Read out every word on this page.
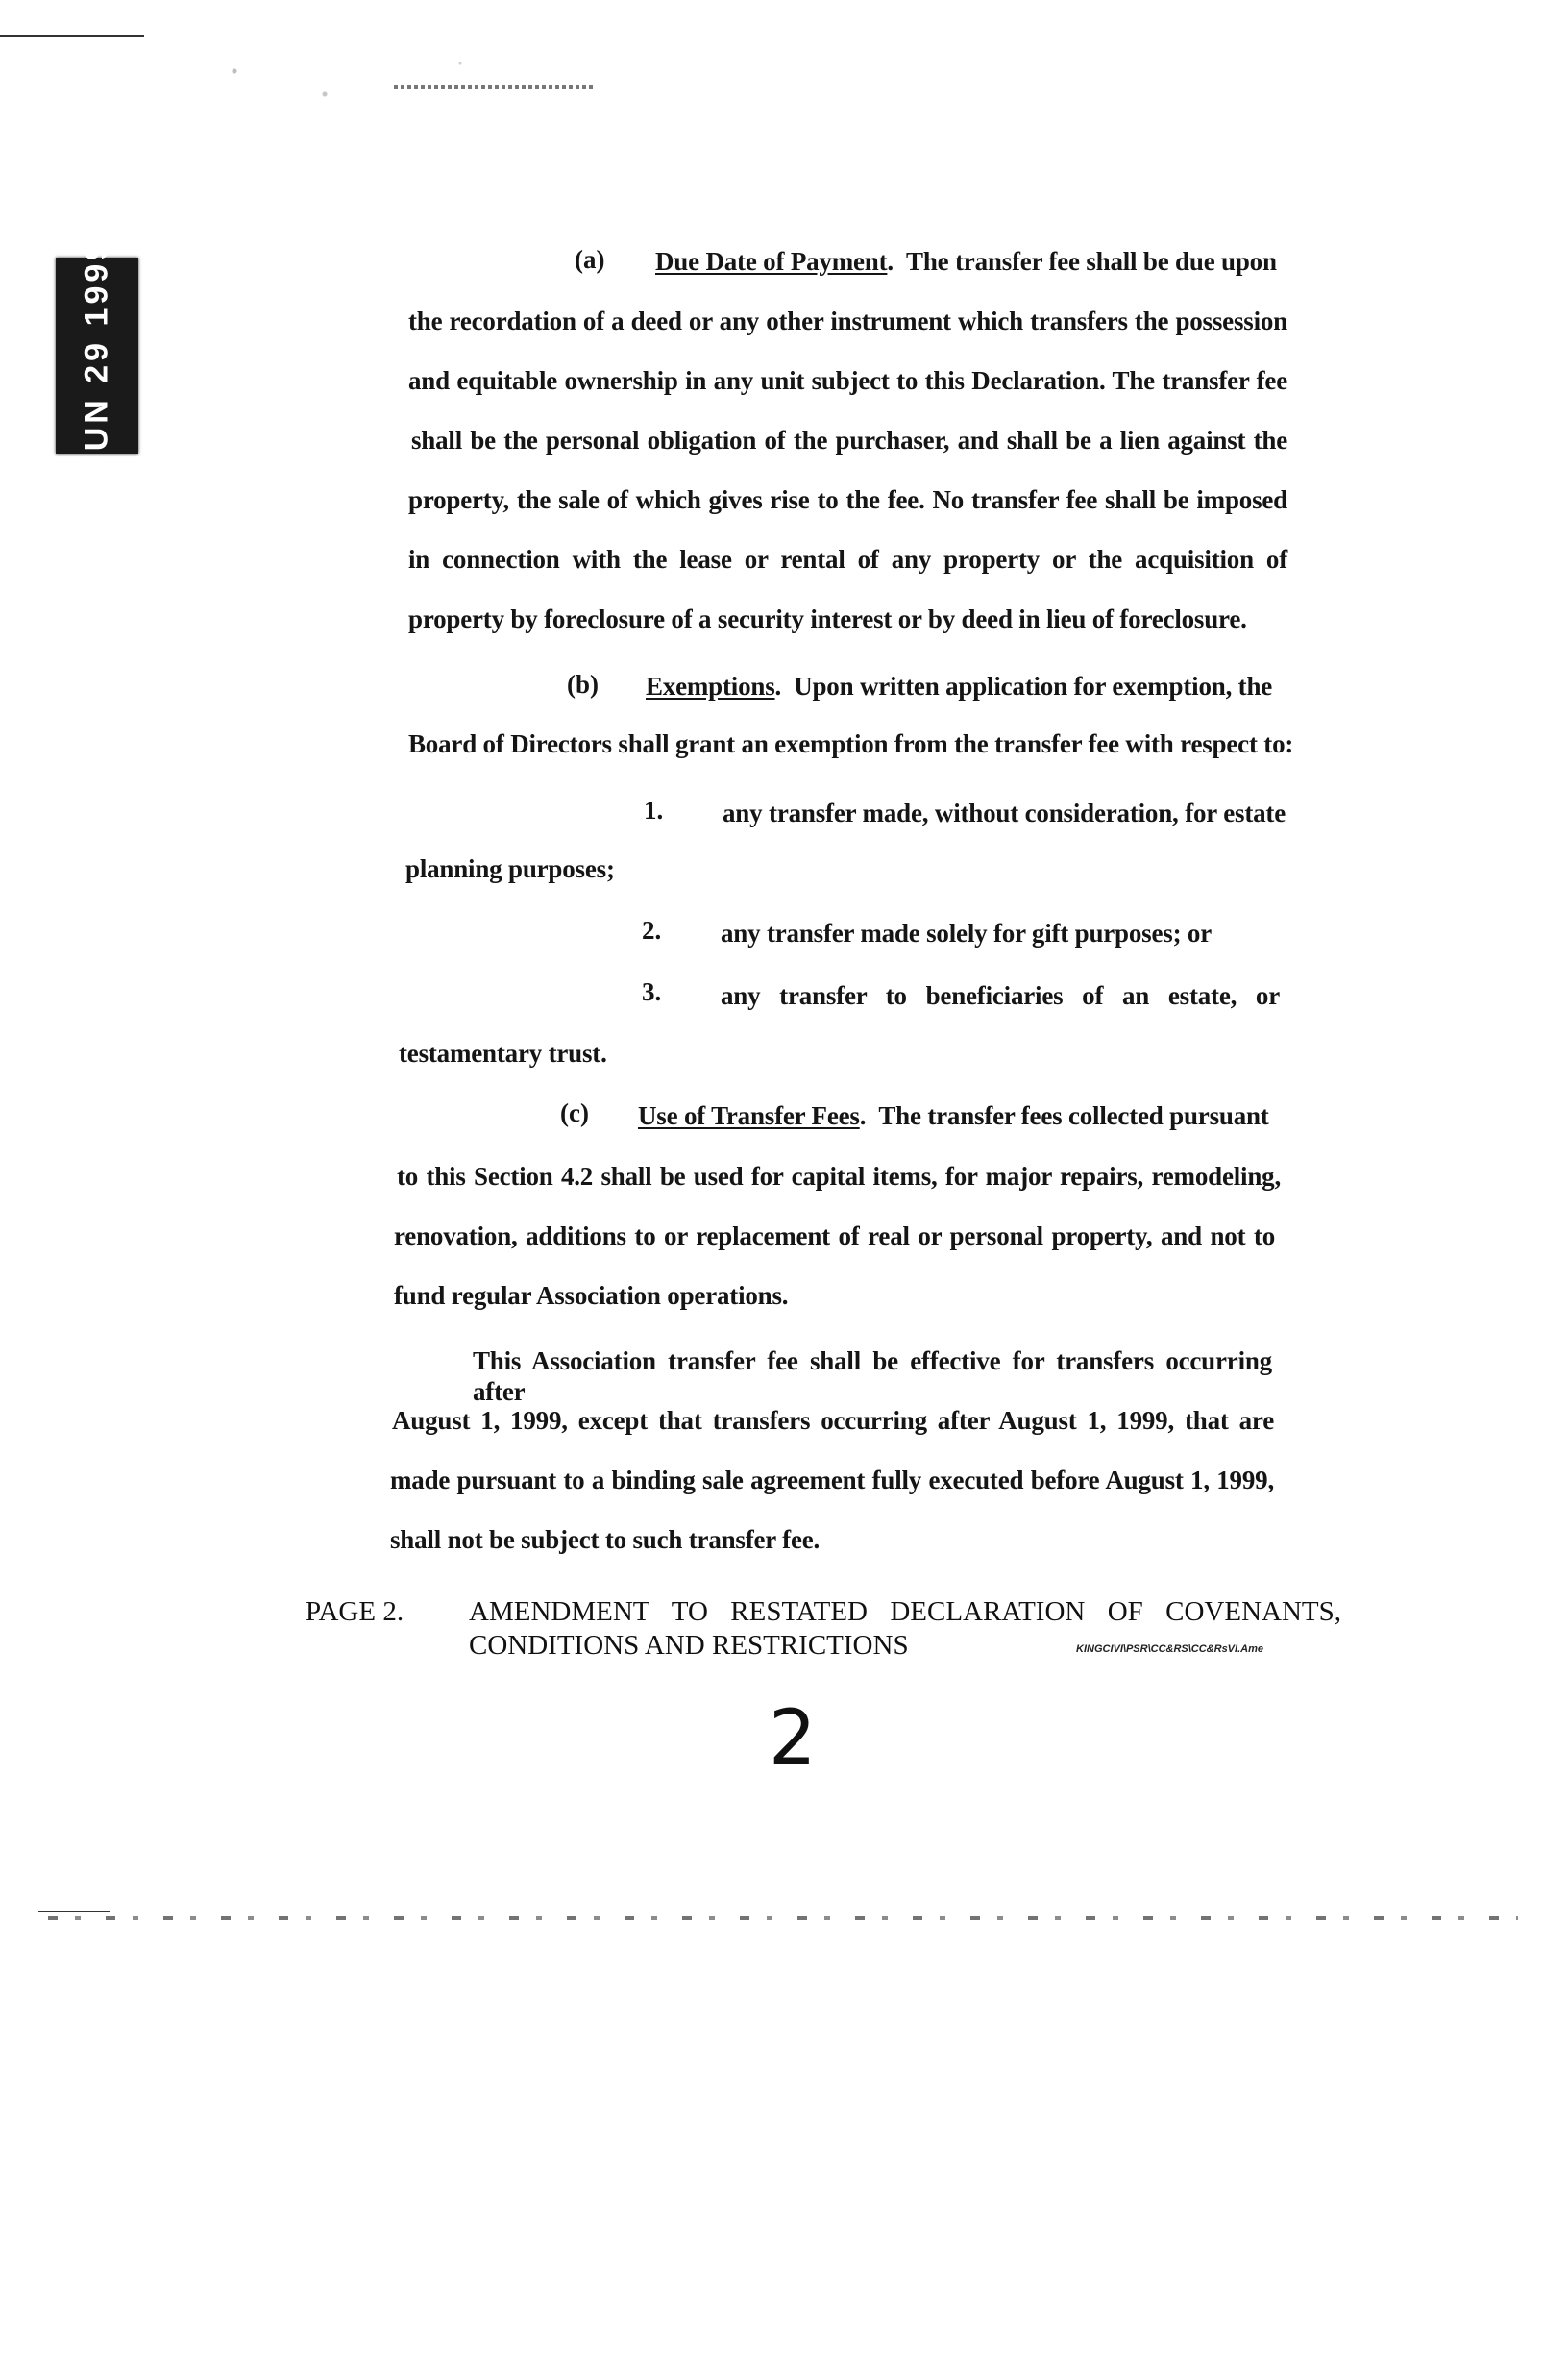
JUN 29 1999	(a) Due Date of Payment.  The transfer fee shall be due upon
the recordation of a deed or any other instrument which transfers the possession
and equitable ownership in any unit subject to this Declaration. The transfer fee
shall be the personal obligation of the purchaser, and shall be a lien against the
property, the sale of which gives rise to the fee. No transfer fee shall be imposed
in connection with the lease or rental of any property or the acquisition of
property by foreclosure of a security interest or by deed in lieu of foreclosure.
(b) Exemptions.  Upon written application for exemption, the
Board of Directors shall grant an exemption from the transfer fee with respect to:
1. any transfer made, without consideration, for estate
planning purposes;
2. any transfer made solely for gift purposes; or
3. any transfer to beneficiaries of an estate, or
testamentary trust.
(c) Use of Transfer Fees.  The transfer fees collected pursuant
to this Section 4.2 shall be used for capital items, for major repairs, remodeling,
renovation, additions to or replacement of real or personal property, and not to
fund regular Association operations.
This Association transfer fee shall be effective for transfers occurring after
August 1, 1999, except that transfers occurring after August 1, 1999, that are
made pursuant to a binding sale agreement fully executed before August 1, 1999,
shall not be subject to such transfer fee.
PAGE 2. AMENDMENT TO RESTATED DECLARATION OF COVENANTS,
CONDITIONS AND RESTRICTIONS	KINGCIVI\PSR\CC&RS\CC&RsVI.Ame
2
